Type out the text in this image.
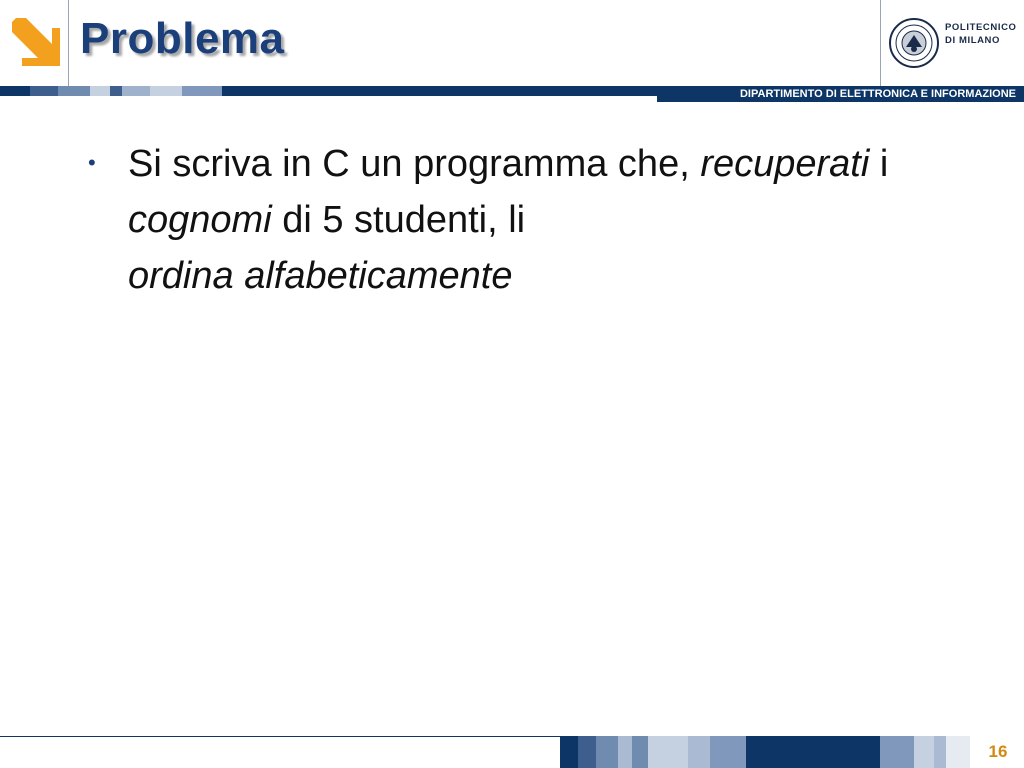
Problema	POLITECNICO
DI MILANO
DIPARTIMENTO DI ELETTRONICA E INFORMAZIONE
• Si scriva in C un programma che, recuperati i cognomi di 5 studenti, li
ordina alfabeticamente
16
